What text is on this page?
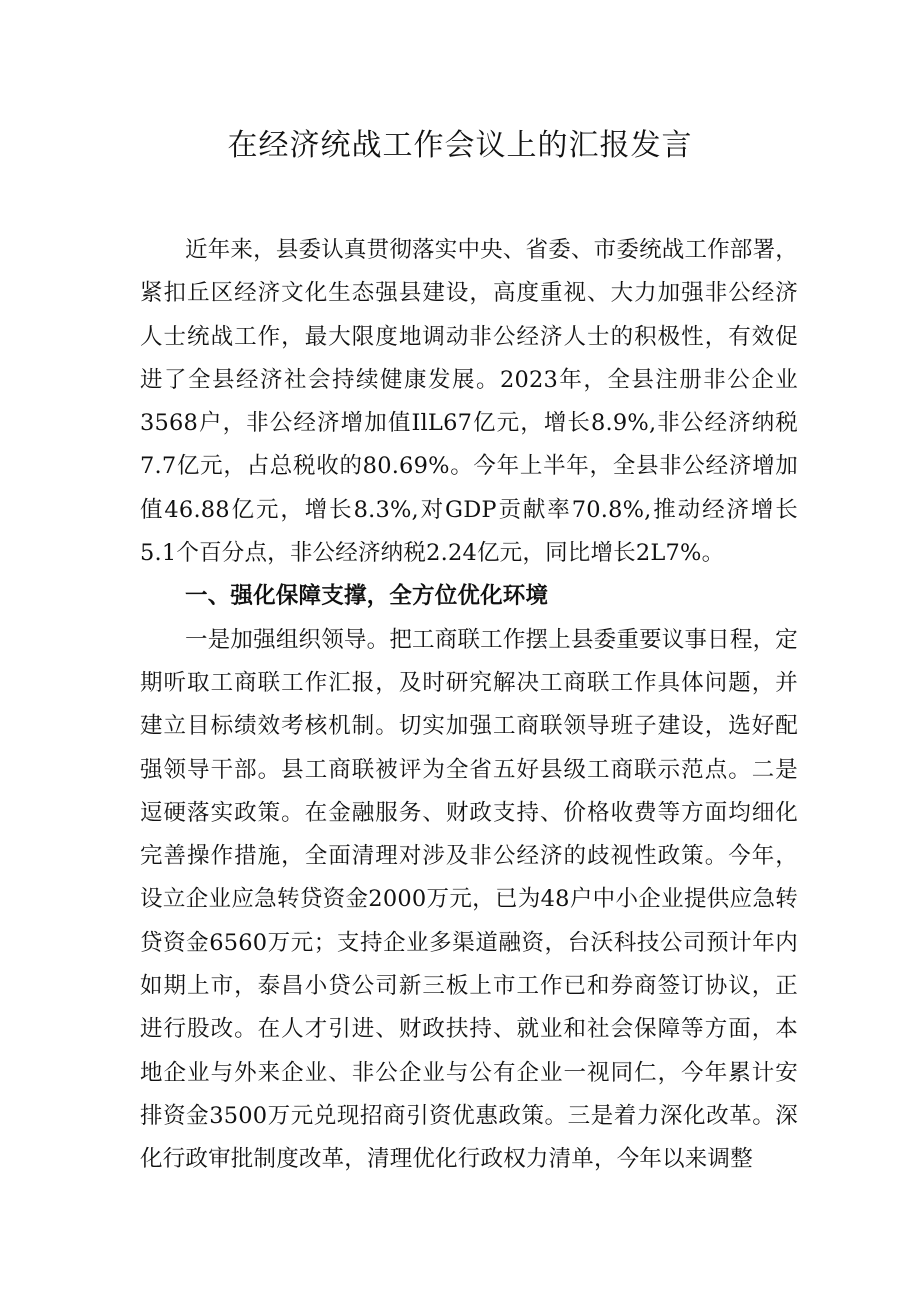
在经济统战工作会议上的汇报发言

近年来，县委认真贯彻落实中央、省委、市委统战工作部署，紧扣丘区经济文化生态强县建设，高度重视、大力加强非公经济人士统战工作，最大限度地调动非公经济人士的积极性，有效促进了全县经济社会持续健康发展。2023年，全县注册非公企业3568户，非公经济增加值IlL67亿元，增长8.9%,非公经济纳税7.7亿元，占总税收的80.69%。今年上半年，全县非公经济增加值46.88亿元，增长8.3%,对GDP贡献率70.8%,推动经济增长5.1个百分点，非公经济纳税2.24亿元，同比增长2L7%。

一、强化保障支撑，全方位优化环境

一是加强组织领导。把工商联工作摆上县委重要议事日程，定期听取工商联工作汇报，及时研究解决工商联工作具体问题，并建立目标绩效考核机制。切实加强工商联领导班子建设，选好配强领导干部。县工商联被评为全省五好县级工商联示范点。二是逗硬落实政策。在金融服务、财政支持、价格收费等方面均细化完善操作措施，全面清理对涉及非公经济的歧视性政策。今年，设立企业应急转贷资金2000万元，已为48户中小企业提供应急转贷资金6560万元；支持企业多渠道融资，台沃科技公司预计年内如期上市，泰昌小贷公司新三板上市工作已和券商签订协议，正进行股改。在人才引进、财政扶持、就业和社会保障等方面，本地企业与外来企业、非公企业与公有企业一视同仁，今年累计安排资金3500万元兑现招商引资优惠政策。三是着力深化改革。深化行政审批制度改革，清理优化行政权力清单，今年以来调整
